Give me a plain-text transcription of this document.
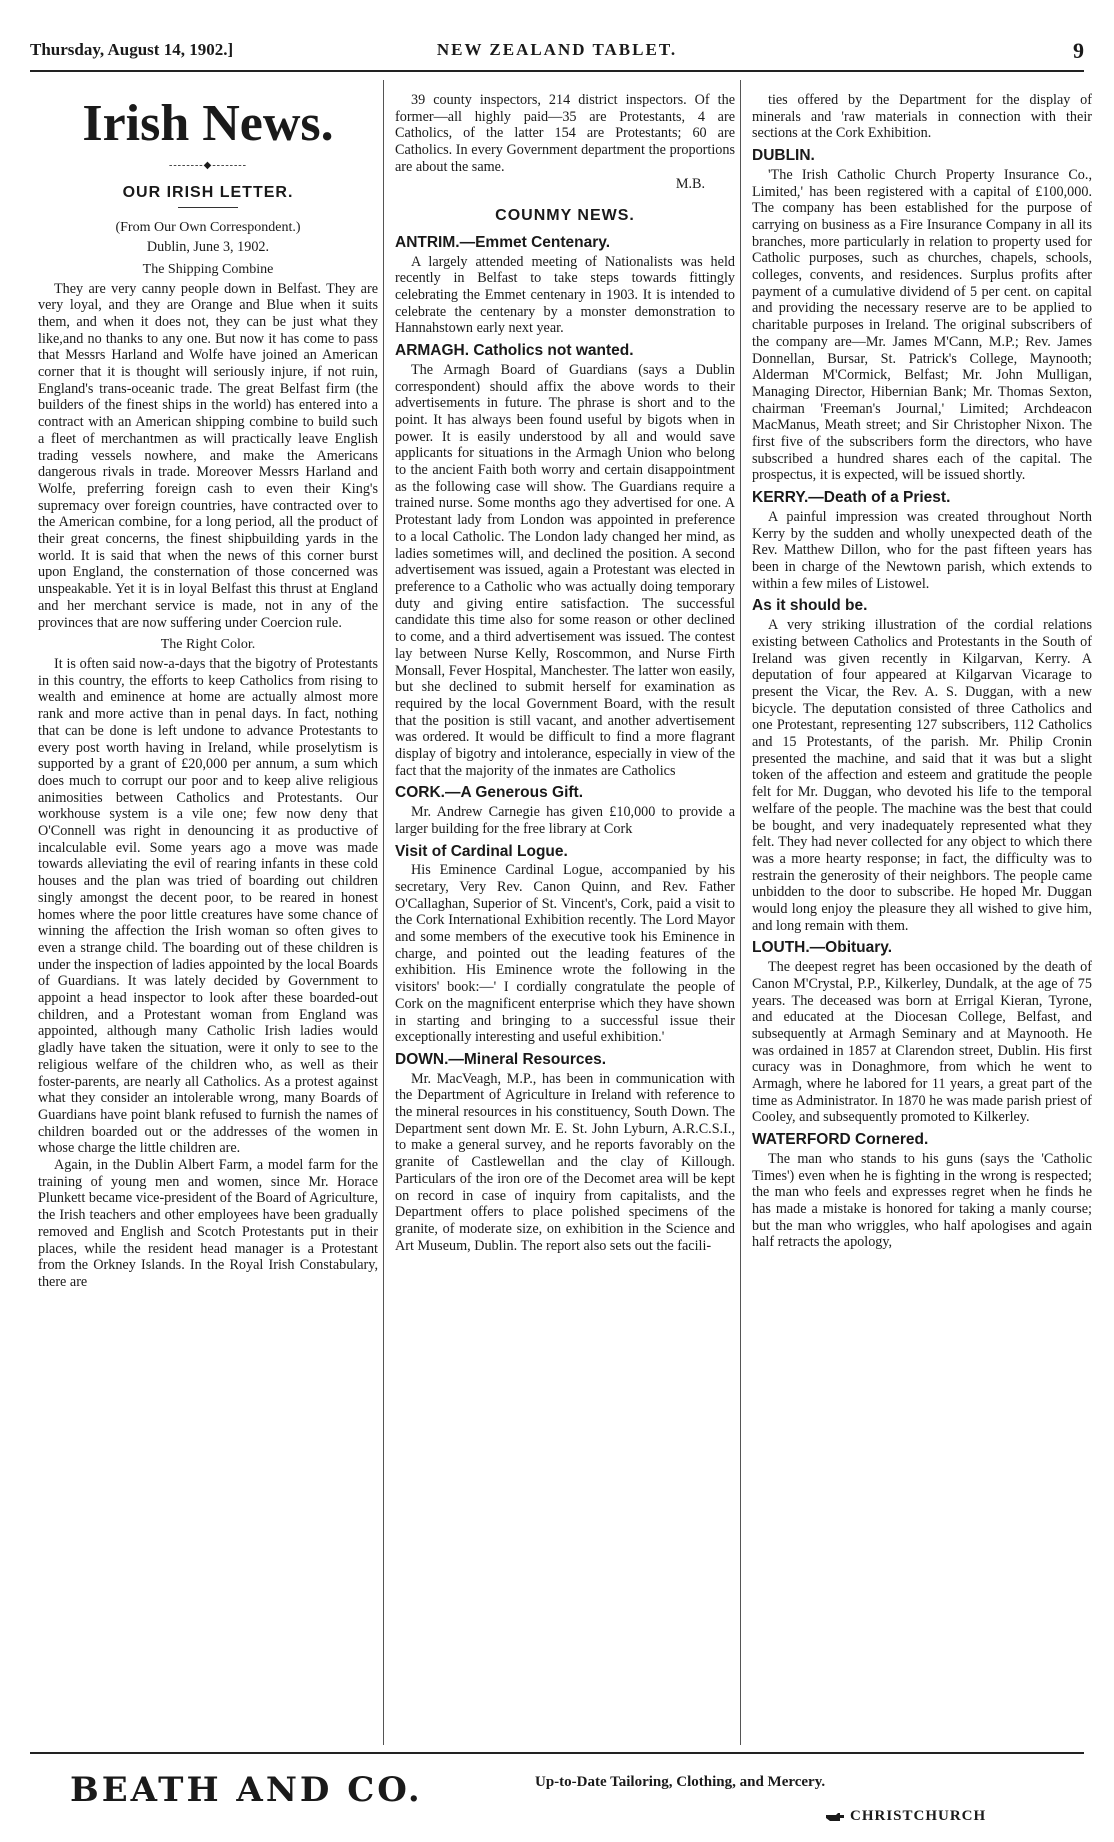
Thursday, August 14, 1902.]	NEW ZEALAND TABLET.	9
Irish News.
--------◆--------
OUR IRISH LETTER.

(From Our Own Correspondent.)

Dublin, June 3, 1902.

The Shipping Combine

They are very canny people down in Belfast. They are very loyal, and they are Orange and Blue when it suits them, and when it does not, they can be just what they like,and no thanks to any one. But now it has come to pass that Messrs Harland and Wolfe have joined an American corner that it is thought will seriously injure, if not ruin, England's trans-oceanic trade. The great Belfast firm (the builders of the finest ships in the world) has entered into a contract with an American shipping combine to build such a fleet of merchantmen as will practically leave English trading vessels nowhere, and make the Americans dangerous rivals in trade. Moreover Messrs Harland and Wolfe, preferring foreign cash to even their King's supremacy over foreign countries, have contracted over to the American combine, for a long period, all the product of their great concerns, the finest shipbuilding yards in the world. It is said that when the news of this corner burst upon England, the consternation of those concerned was unspeakable. Yet it is in loyal Belfast this thrust at England and her merchant service is made, not in any of the provinces that are now suffering under Coercion rule.

The Right Color.

It is often said now-a-days that the bigotry of Protestants in this country, the efforts to keep Catholics from rising to wealth and eminence at home are actually almost more rank and more active than in penal days. In fact, nothing that can be done is left undone to advance Protestants to every post worth having in Ireland, while proselytism is supported by a grant of £20,000 per annum, a sum which does much to corrupt our poor and to keep alive religious animosities between Catholics and Protestants. Our workhouse system is a vile one; few now deny that O'Connell was right in denouncing it as productive of incalculable evil. Some years ago a move was made towards alleviating the evil of rearing infants in these cold houses and the plan was tried of boarding out children singly amongst the decent poor, to be reared in honest homes where the poor little creatures have some chance of winning the affection the Irish woman so often gives to even a strange child. The boarding out of these children is under the inspection of ladies appointed by the local Boards of Guardians. It was lately decided by Government to appoint a head inspector to look after these boarded-out children, and a Protestant woman from England was appointed, although many Catholic Irish ladies would gladly have taken the situation, were it only to see to the religious welfare of the children who, as well as their foster-parents, are nearly all Catholics. As a protest against what they consider an intolerable wrong, many Boards of Guardians have point blank refused to furnish the names of children boarded out or the addresses of the women in whose charge the little children are.

Again, in the Dublin Albert Farm, a model farm for the training of young men and women, since Mr. Horace Plunkett became vice-president of the Board of Agriculture, the Irish teachers and other employees have been gradually removed and English and Scotch Protestants put in their places, while the resident head manager is a Protestant from the Orkney Islands. In the Royal Irish Constabulary, there are

39 county inspectors, 214 district inspectors. Of the former—all highly paid—35 are Protestants, 4 are Catholics, of the latter 154 are Protestants; 60 are Catholics. In every Government department the proportions are about the same.

M.B.

COUNMY NEWS.
ANTRIM.—Emmet Centenary.

A largely attended meeting of Nationalists was held recently in Belfast to take steps towards fittingly celebrating the Emmet centenary in 1903. It is intended to celebrate the centenary by a monster demonstration to Hannahstown early next year.

ARMAGH. Catholics not wanted.

The Armagh Board of Guardians (says a Dublin correspondent) should affix the above words to their advertisements in future. The phrase is short and to the point. It has always been found useful by bigots when in power. It is easily understood by all and would save applicants for situations in the Armagh Union who belong to the ancient Faith both worry and certain disappointment as the following case will show. The Guardians require a trained nurse. Some months ago they advertised for one. A Protestant lady from London was appointed in preference to a local Catholic. The London lady changed her mind, as ladies sometimes will, and declined the position. A second advertisement was issued, again a Protestant was elected in preference to a Catholic who was actually doing temporary duty and giving entire satisfaction. The successful candidate this time also for some reason or other declined to come, and a third advertisement was issued. The contest lay between Nurse Kelly, Roscommon, and Nurse Firth Monsall, Fever Hospital, Manchester. The latter won easily, but she declined to submit herself for examination as required by the local Government Board, with the result that the position is still vacant, and another advertisement was ordered. It would be difficult to find a more flagrant display of bigotry and intolerance, especially in view of the fact that the majority of the inmates are Catholics

CORK.—A Generous Gift.

Mr. Andrew Carnegie has given £10,000 to provide a larger building for the free library at Cork

Visit of Cardinal Logue.

His Eminence Cardinal Logue, accompanied by his secretary, Very Rev. Canon Quinn, and Rev. Father O'Callaghan, Superior of St. Vincent's, Cork, paid a visit to the Cork International Exhibition recently. The Lord Mayor and some members of the executive took his Eminence in charge, and pointed out the leading features of the exhibition. His Eminence wrote the following in the visitors' book:—' I cordially congratulate the people of Cork on the magnificent enterprise which they have shown in starting and bringing to a successful issue their exceptionally interesting and useful exhibition.'

DOWN.—Mineral Resources.

Mr. MacVeagh, M.P., has been in communication with the Department of Agriculture in Ireland with reference to the mineral resources in his constituency, South Down. The Department sent down Mr. E. St. John Lyburn, A.R.C.S.I., to make a general survey, and he reports favorably on the granite of Castlewellan and the clay of Killough. Particulars of the iron ore of the Decomet area will be kept on record in case of inquiry from capitalists, and the Department offers to place polished specimens of the granite, of moderate size, on exhibition in the Science and Art Museum, Dublin. The report also sets out the facili-

ties offered by the Department for the display of minerals and 'raw materials in connection with their sections at the Cork Exhibition.

DUBLIN.

'The Irish Catholic Church Property Insurance Co., Limited,' has been registered with a capital of £100,000. The company has been established for the purpose of carrying on business as a Fire Insurance Company in all its branches, more particularly in relation to property used for Catholic purposes, such as churches, chapels, schools, colleges, convents, and residences. Surplus profits after payment of a cumulative dividend of 5 per cent. on capital and providing the necessary reserve are to be applied to charitable purposes in Ireland. The original subscribers of the company are—Mr. James M'Cann, M.P.; Rev. James Donnellan, Bursar, St. Patrick's College, Maynooth; Alderman M'Cormick, Belfast; Mr. John Mulligan, Managing Director, Hibernian Bank; Mr. Thomas Sexton, chairman 'Freeman's Journal,' Limited; Archdeacon MacManus, Meath street; and Sir Christopher Nixon. The first five of the subscribers form the directors, who have subscribed a hundred shares each of the capital. The prospectus, it is expected, will be issued shortly.

KERRY.—Death of a Priest.

A painful impression was created throughout North Kerry by the sudden and wholly unexpected death of the Rev. Matthew Dillon, who for the past fifteen years has been in charge of the Newtown parish, which extends to within a few miles of Listowel.

As it should be.

A very striking illustration of the cordial relations existing between Catholics and Protestants in the South of Ireland was given recently in Kilgarvan, Kerry. A deputation of four appeared at Kilgarvan Vicarage to present the Vicar, the Rev. A. S. Duggan, with a new bicycle. The deputation consisted of three Catholics and one Protestant, representing 127 subscribers, 112 Catholics and 15 Protestants, of the parish. Mr. Philip Cronin presented the machine, and said that it was but a slight token of the affection and esteem and gratitude the people felt for Mr. Duggan, who devoted his life to the temporal welfare of the people. The machine was the best that could be bought, and very inadequately represented what they felt. They had never collected for any object to which there was a more hearty response; in fact, the difficulty was to restrain the generosity of their neighbors. The people came unbidden to the door to subscribe. He hoped Mr. Duggan would long enjoy the pleasure they all wished to give him, and long remain with them.

LOUTH.—Obituary.

The deepest regret has been occasioned by the death of Canon M'Crystal, P.P., Kilkerley, Dundalk, at the age of 75 years. The deceased was born at Errigal Kieran, Tyrone, and educated at the Diocesan College, Belfast, and subsequently at Armagh Seminary and at Maynooth. He was ordained in 1857 at Clarendon street, Dublin. His first curacy was in Donaghmore, from which he went to Armagh, where he labored for 11 years, a great part of the time as Administrator. In 1870 he was made parish priest of Cooley, and subsequently promoted to Kilkerley.

WATERFORD Cornered.

The man who stands to his guns (says the 'Catholic Times') even when he is fighting in the wrong is respected; the man who feels and expresses regret when he finds he has made a mistake is honored for taking a manly course; but the man who wriggles, who half apologises and again half retracts the apology,

BEATH AND CO.	Up-to-Date Tailoring, Clothing, and Mercery.
CHRISTCHURCH
